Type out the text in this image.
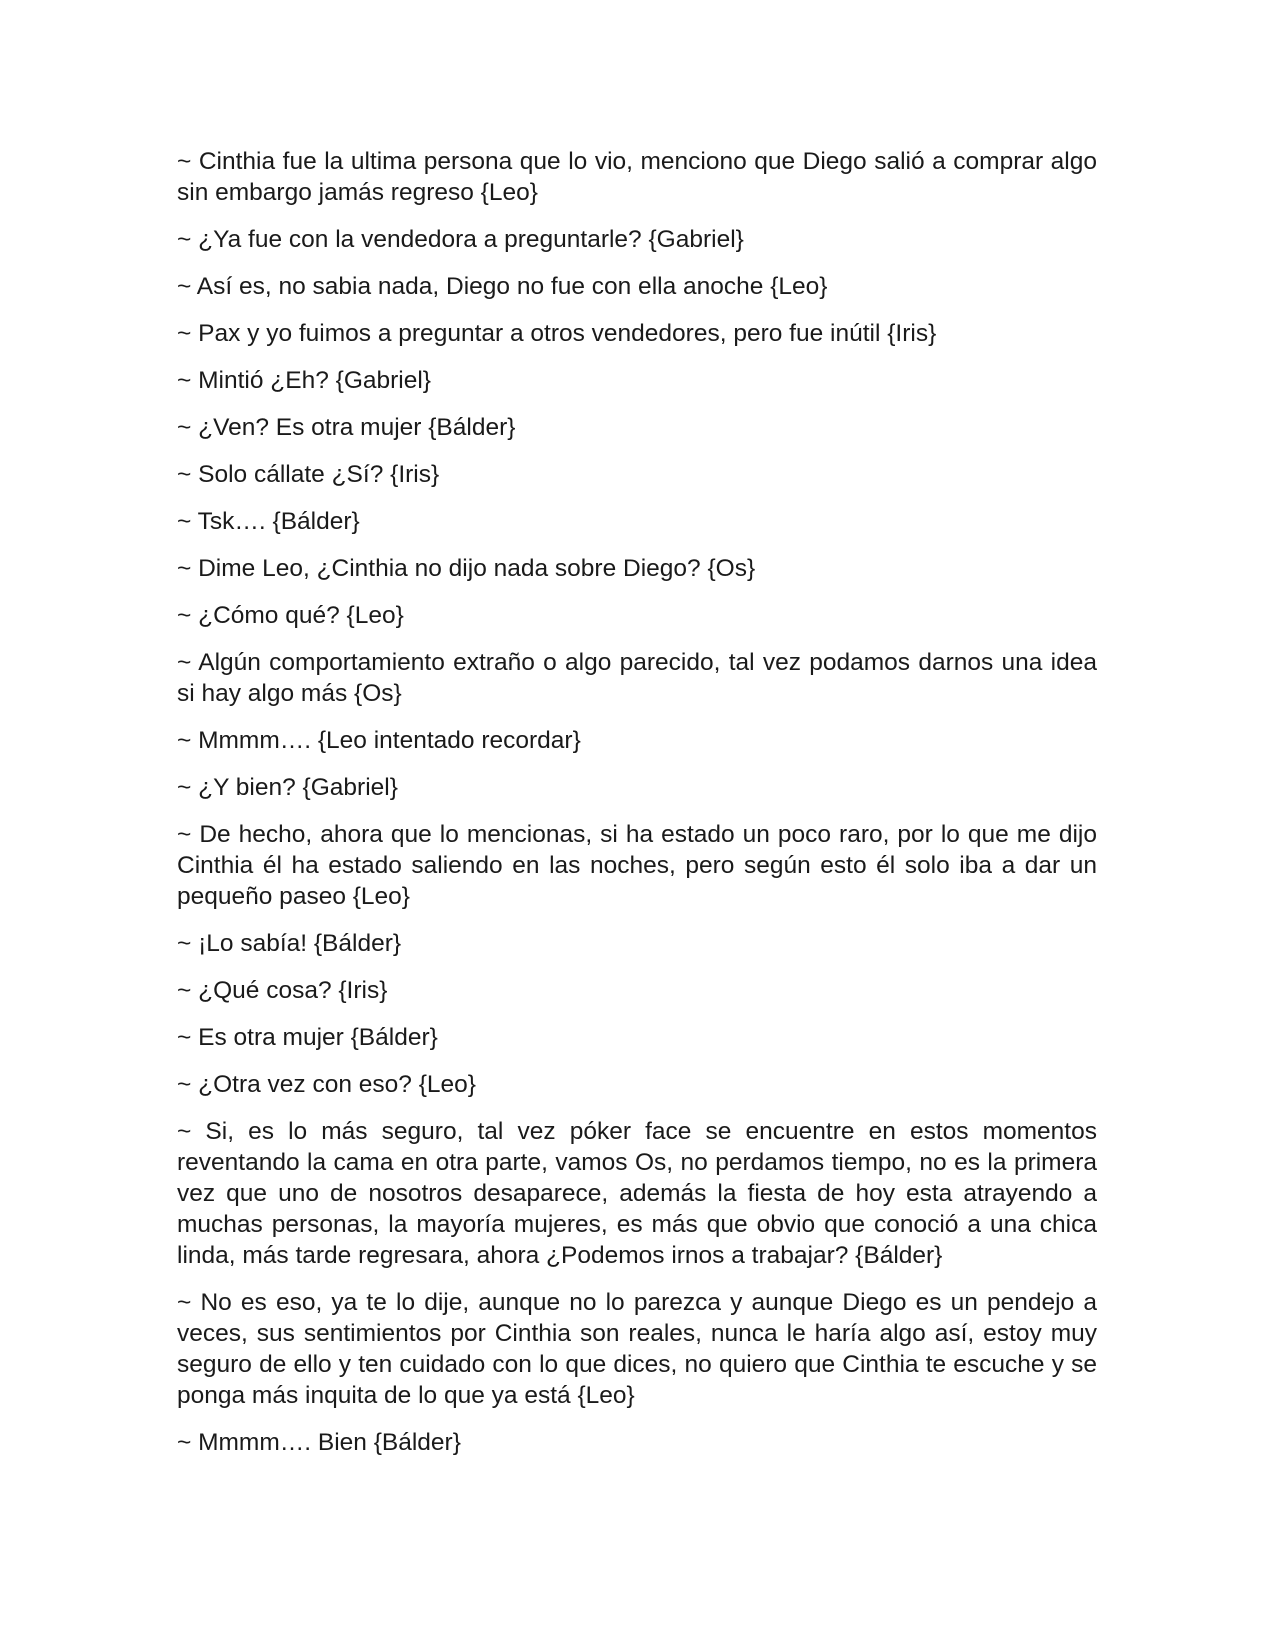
~ Cinthia fue la ultima persona que lo vio, menciono que Diego salió a comprar algo sin embargo jamás regreso {Leo}

~ ¿Ya fue con la vendedora a preguntarle? {Gabriel}

~ Así es, no sabia nada, Diego no fue con ella anoche {Leo}

~ Pax y yo fuimos a preguntar a otros vendedores, pero fue inútil {Iris}

~ Mintió ¿Eh? {Gabriel}

~ ¿Ven? Es otra mujer {Bálder}

~ Solo cállate ¿Sí? {Iris}

~ Tsk…. {Bálder}

~ Dime Leo, ¿Cinthia no dijo nada sobre Diego? {Os}

~ ¿Cómo qué? {Leo}

~ Algún comportamiento extraño o algo parecido, tal vez podamos darnos una idea si hay algo más {Os}

~ Mmmm…. {Leo intentado recordar}

~ ¿Y bien? {Gabriel}

~ De hecho, ahora que lo mencionas, si ha estado un poco raro, por lo que me dijo Cinthia él ha estado saliendo en las noches, pero según esto él solo iba a dar un pequeño paseo {Leo}

~ ¡Lo sabía! {Bálder}

~ ¿Qué cosa? {Iris}

~ Es otra mujer {Bálder}

~ ¿Otra vez con eso? {Leo}

~ Si, es lo más seguro, tal vez póker face se encuentre en estos momentos reventando la cama en otra parte, vamos Os, no perdamos tiempo, no es la primera vez que uno de nosotros desaparece, además la fiesta de hoy esta atrayendo a muchas personas, la mayoría mujeres, es más que obvio que conoció a una chica linda, más tarde regresara, ahora ¿Podemos irnos a trabajar? {Bálder}

~ No es eso, ya te lo dije, aunque no lo parezca y aunque Diego es un pendejo a veces, sus sentimientos por Cinthia son reales, nunca le haría algo así, estoy muy seguro de ello y ten cuidado con lo que dices, no quiero que Cinthia te escuche y se ponga más inquita de lo que ya está {Leo}

~ Mmmm…. Bien {Bálder}
